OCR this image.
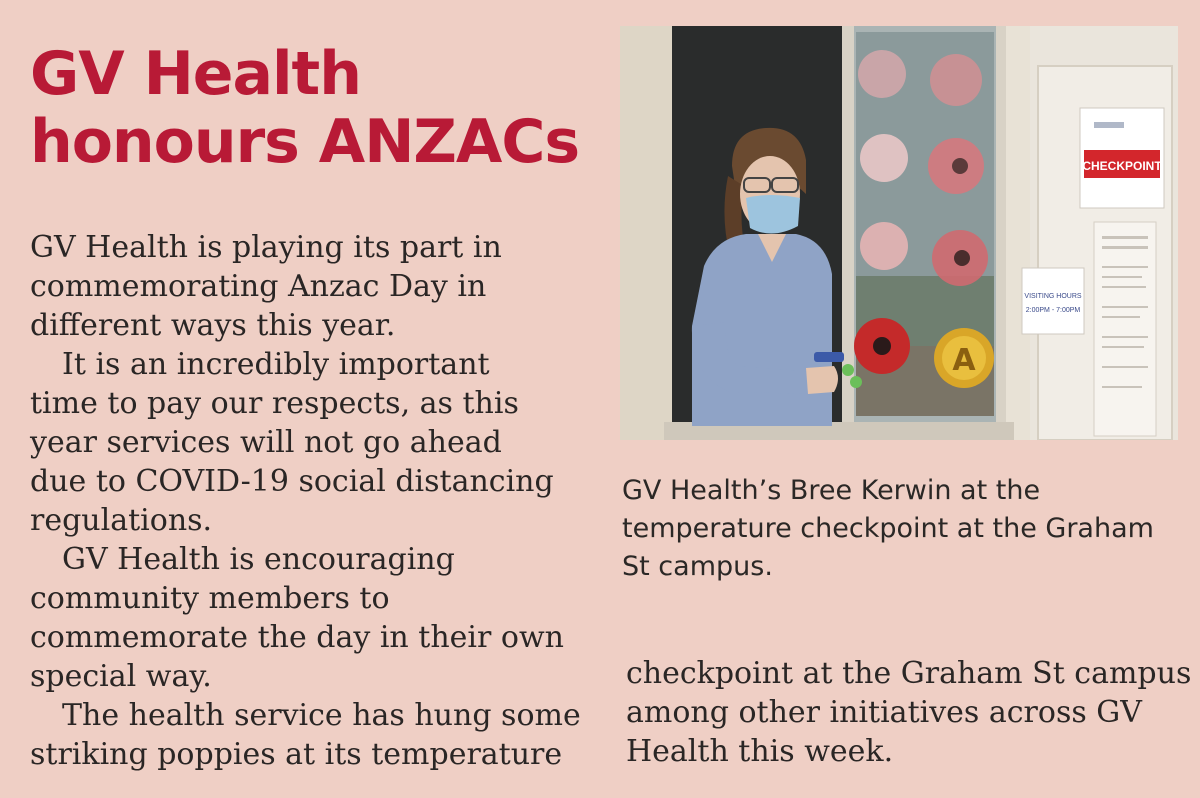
GV Health
honours ANZACs
GV Health is playing its part in
commemorating Anzac Day in
different ways this year.
It is an incredibly important
time to pay our respects, as this
year services will not go ahead
due to COVID-19 social distancing
regulations.
GV Health is encouraging
community members to
commemorate the day in their own
special way.
The health service has hung some
striking poppies at its temperature
A
CHECKPOINT
VISITING HOURS
2:00PM - 7:00PM
GV Health’s Bree Kerwin at the
temperature checkpoint at the Graham
St campus.
checkpoint at the Graham St campus
among other initiatives across GV
Health this week.
